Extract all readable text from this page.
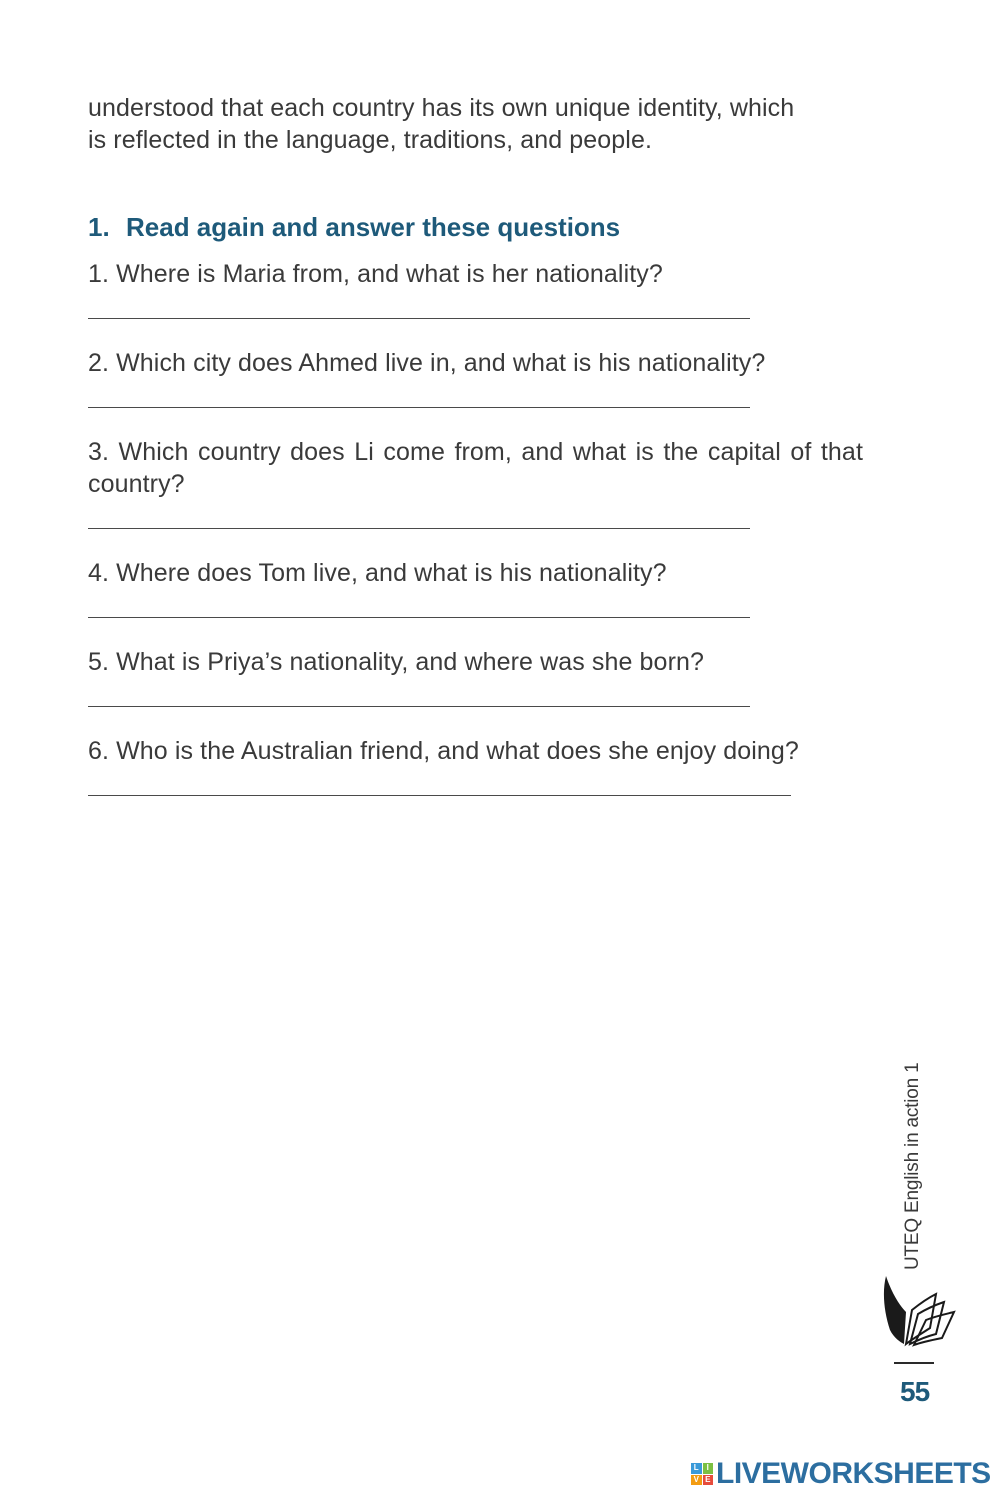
understood that each country has its own unique identity, which

is reflected in the language, traditions, and people.

1. Read again and answer these questions
1. Where is Maria from, and what is her nationality?
2. Which city does Ahmed live in, and what is his nationality?
3. Which country does Li come from, and what is the capital of that country?
4. Where does Tom live, and what is his nationality?
5. What is Priya’s nationality, and where was she born?
6. Who is the Australian friend, and what does she enjoy doing?
UTEQ English in action 1
55
L I
V E LIVEWORKSHEETS
